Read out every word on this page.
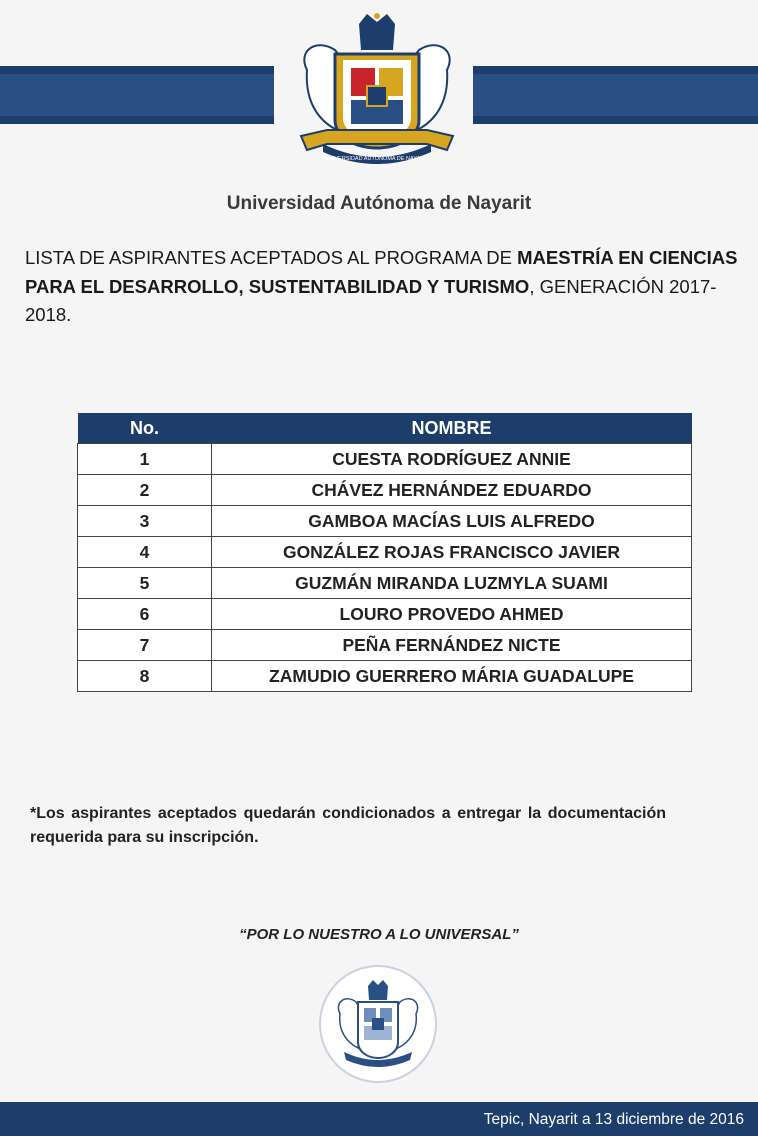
UNIVERSIDAD AUTÓNOMA DE NAYARIT
Universidad Autónoma de Nayarit
LISTA DE ASPIRANTES ACEPTADOS AL PROGRAMA DE MAESTRÍA EN CIENCIAS PARA EL DESARROLLO, SUSTENTABILIDAD Y TURISMO, GENERACIÓN 2017-2018.
No.	NOMBRE
1	CUESTA RODRÍGUEZ ANNIE
2	CHÁVEZ HERNÁNDEZ EDUARDO
3	GAMBOA MACÍAS LUIS ALFREDO
4	GONZÁLEZ ROJAS FRANCISCO JAVIER
5	GUZMÁN MIRANDA LUZMYLA SUAMI
6	LOURO PROVEDO AHMED
7	PEÑA FERNÁNDEZ NICTE
8	ZAMUDIO GUERRERO MÁRIA GUADALUPE
*Los aspirantes aceptados quedarán condicionados a entregar la documentación requerida para su inscripción.
“POR LO NUESTRO A LO UNIVERSAL”
Tepic, Nayarit a 13 diciembre de 2016
